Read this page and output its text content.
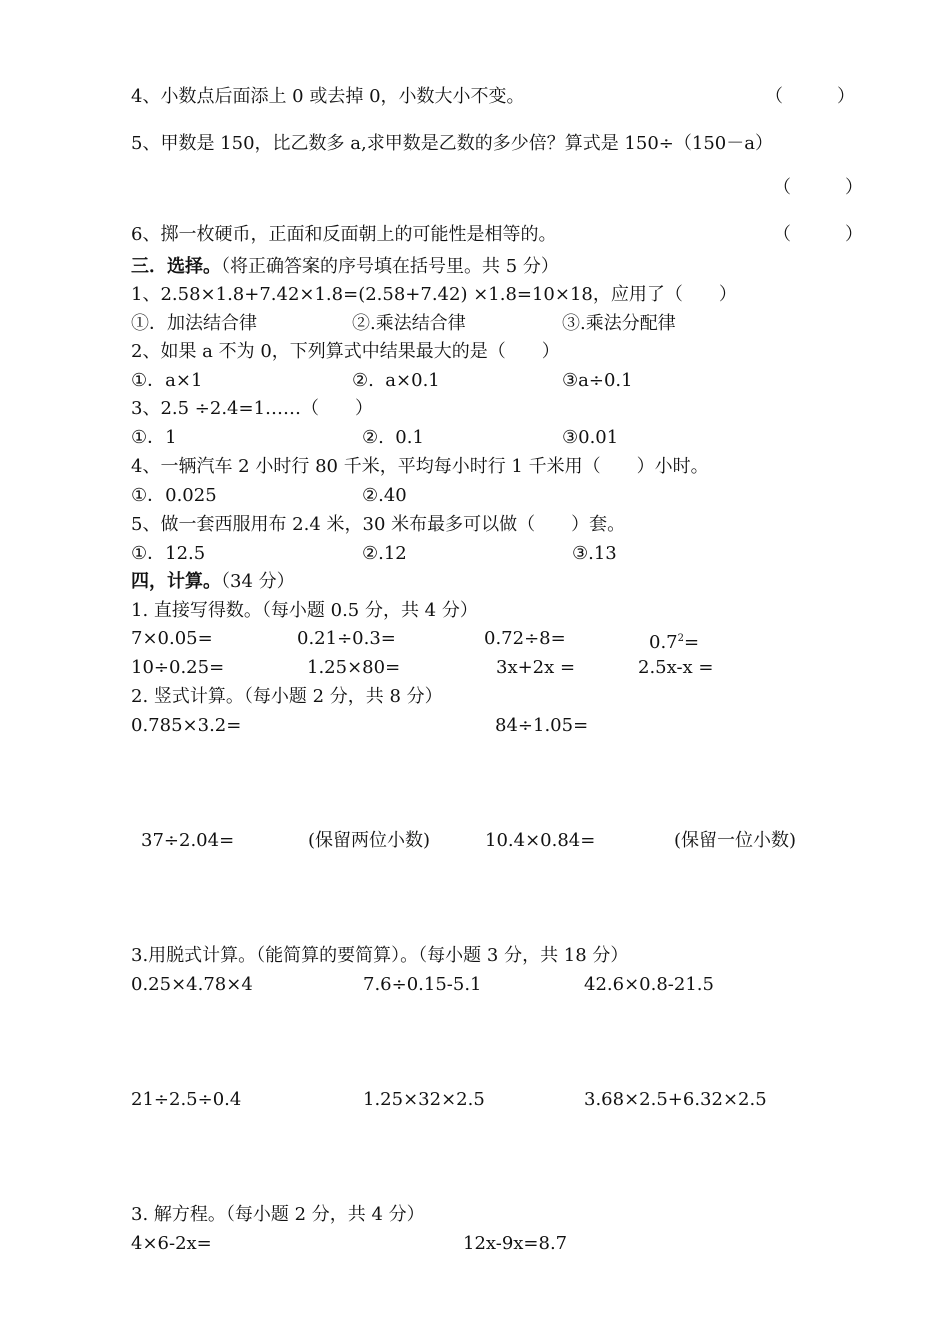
4、小数点后面添上 0 或去掉 0，小数大小不变。	（　　　）
5、甲数是 150，比乙数多 a,求甲数是乙数的多少倍？算式是 150÷（150－a）
（　　　）
6、掷一枚硬币，正面和反面朝上的可能性是相等的。	（　　　）
三．选择。（将正确答案的序号填在括号里。共 5 分）
1、2.58×1.8+7.42×1.8=(2.58+7.42) ×1.8=10×18，应用了（　　）
①．加法结合律	②.乘法结合律	③.乘法分配律
2、如果 a 不为 0，下列算式中结果最大的是（　　）
①．a×1	②.  a×0.1	③a÷0.1
3、2.5 ÷2.4=1……（　　）
①．1	②.  0.1	③0.01
4、一辆汽车 2 小时行 80 千米，平均每小时行 1 千米用（　　）小时。
①．0.025	②.40
5、做一套西服用布 2.4 米，30 米布最多可以做（　　）套。
①．12.5	②.12	③.13
四，计算。（34 分）
1. 直接写得数。（每小题 0.5 分，共 4 分）
7×0.05=	0.21÷0.3=	0.72÷8=	$0.7^2=$
10÷0.25=	1.25×80=	3x+2x =	2.5x-x =
2. 竖式计算。（每小题 2 分，共 8 分）
0.785×3.2=	84÷1.05=
37÷2.04=	(保留两位小数)	10.4×0.84=	(保留一位小数)
3.用脱式计算。（能简算的要简算）。（每小题 3 分，共 18 分）
0.25×4.78×4	7.6÷0.15-5.1	42.6×0.8-21.5
21÷2.5÷0.4	1.25×32×2.5	3.68×2.5+6.32×2.5
3. 解方程。（每小题 2 分，共 4 分）
4×6-2x=	12x-9x=8.7
